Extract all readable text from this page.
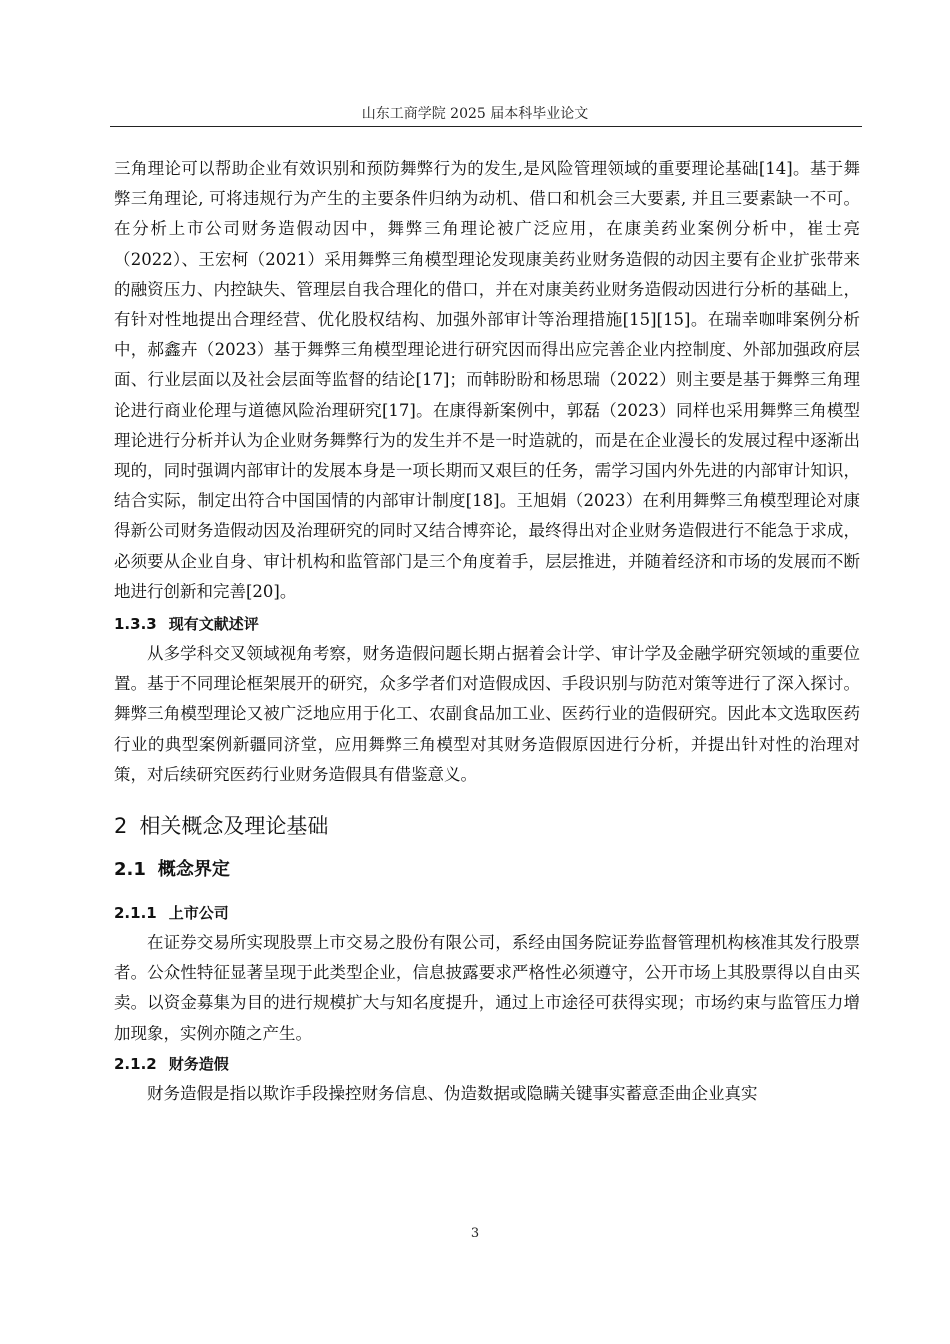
山东工商学院 2025 届本科毕业论文

三角理论可以帮助企业有效识别和预防舞弊行为的发生,是风险管理领域的重要理论基础[14]。基于舞弊三角理论, 可将违规行为产生的主要条件归纳为动机、借口和机会三大要素, 并且三要素缺一不可。在分析上市公司财务造假动因中，舞弊三角理论被广泛应用，在康美药业案例分析中，崔士亮（2022）、王宏柯（2021）采用舞弊三角模型理论发现康美药业财务造假的动因主要有企业扩张带来的融资压力、内控缺失、管理层自我合理化的借口，并在对康美药业财务造假动因进行分析的基础上，有针对性地提出合理经营、优化股权结构、加强外部审计等治理措施[15][15]。在瑞幸咖啡案例分析中，郝鑫卉（2023）基于舞弊三角模型理论进行研究因而得出应完善企业内控制度、外部加强政府层面、行业层面以及社会层面等监督的结论[17]；而韩盼盼和杨思瑞（2022）则主要是基于舞弊三角理论进行商业伦理与道德风险治理研究[17]。在康得新案例中，郭磊（2023）同样也采用舞弊三角模型理论进行分析并认为企业财务舞弊行为的发生并不是一时造就的，而是在企业漫长的发展过程中逐渐出现的，同时强调内部审计的发展本身是一项长期而又艰巨的任务，需学习国内外先进的内部审计知识，结合实际，制定出符合中国国情的内部审计制度[18]。王旭娟（2023）在利用舞弊三角模型理论对康得新公司财务造假动因及治理研究的同时又结合博弈论，最终得出对企业财务造假进行不能急于求成，必须要从企业自身、审计机构和监管部门是三个角度着手，层层推进，并随着经济和市场的发展而不断地进行创新和完善[20]。

1.3.3 现有文献述评

从多学科交叉领域视角考察，财务造假问题长期占据着会计学、审计学及金融学研究领域的重要位置。基于不同理论框架展开的研究，众多学者们对造假成因、手段识别与防范对策等进行了深入探讨。舞弊三角模型理论又被广泛地应用于化工、农副食品加工业、医药行业的造假研究。因此本文选取医药行业的典型案例新疆同济堂，应用舞弊三角模型对其财务造假原因进行分析，并提出针对性的治理对策，对后续研究医药行业财务造假具有借鉴意义。

2 相关概念及理论基础
2.1 概念界定
2.1.1 上市公司

在证券交易所实现股票上市交易之股份有限公司，系经由国务院证券监督管理机构核准其发行股票者。公众性特征显著呈现于此类型企业，信息披露要求严格性必须遵守，公开市场上其股票得以自由买卖。以资金募集为目的进行规模扩大与知名度提升，通过上市途径可获得实现；市场约束与监管压力增加现象，实例亦随之产生。

2.1.2 财务造假

财务造假是指以欺诈手段操控财务信息、伪造数据或隐瞒关键事实蓄意歪曲企业真实

3
